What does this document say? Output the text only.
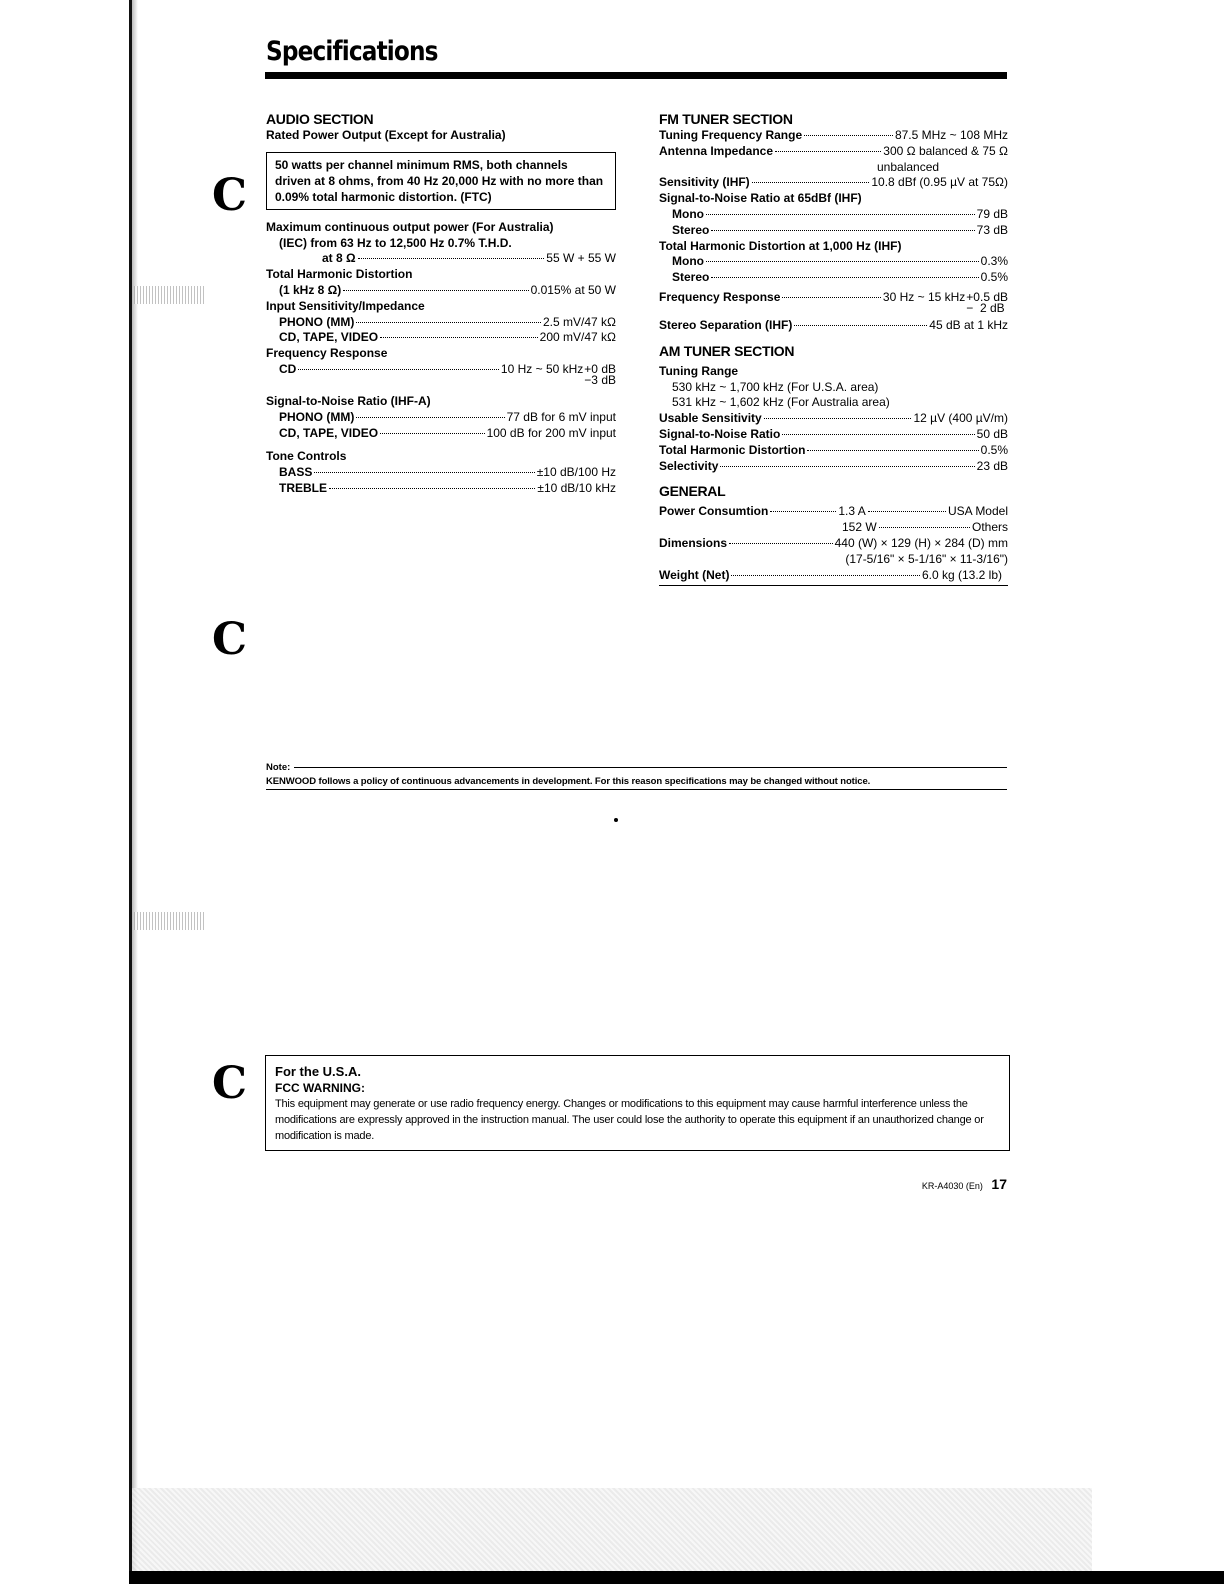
C
C
C
Specifications
AUDIO SECTION
Rated Power Output (Except for Australia)
50 watts per channel minimum RMS, both channels driven at 8 ohms, from 40 Hz 20,000 Hz with no more than 0.09% total harmonic distortion. (FTC)
Maximum continuous output power (For Australia)
(IEC) from 63 Hz to 12,500 Hz 0.7% T.H.D.
at 8 Ω	55 W + 55 W
Total Harmonic Distortion
(1 kHz 8 Ω)	0.015% at 50 W
Input Sensitivity/Impedance
PHONO (MM)	2.5 mV/47 kΩ
CD, TAPE, VIDEO	200 mV/47 kΩ
Frequency Response
CD	10 Hz ~ 50 kHz +0 dB
−3 dB
Signal-to-Noise Ratio (IHF-A)
PHONO (MM)	77 dB for 6 mV input
CD, TAPE, VIDEO	100 dB for 200 mV input
Tone Controls
BASS	±10 dB/100 Hz
TREBLE	±10 dB/10 kHz
FM TUNER SECTION
Tuning Frequency Range	87.5 MHz ~ 108 MHz
Antenna Impedance	300 Ω balanced & 75 Ω
unbalanced
Sensitivity (IHF)	10.8 dBf (0.95 µV at 75Ω)
Signal-to-Noise Ratio at 65dBf (IHF)
Mono	79 dB
Stereo	73 dB
Total Harmonic Distortion at 1,000 Hz (IHF)
Mono	0.3%
Stereo	0.5%
Frequency Response	30 Hz ~ 15 kHz +0.5 dB
−  2 dB
Stereo Separation (IHF)	45 dB at 1 kHz
AM TUNER SECTION
Tuning Range
530 kHz ~ 1,700 kHz (For U.S.A. area)
531 kHz ~ 1,602 kHz (For Australia area)
Usable Sensitivity	12 µV (400 µV/m)
Signal-to-Noise Ratio	50 dB
Total Harmonic Distortion	0.5%
Selectivity	23 dB
GENERAL
Power Consumtion	1.3 A	USA Model
152 W	Others
Dimensions	440 (W) × 129 (H) × 284 (D) mm
(17-5/16" × 5-1/16" × 11-3/16")
Weight (Net)	6.0 kg (13.2 lb)
Note:
KENWOOD follows a policy of continuous advancements in development. For this reason specifications may be changed without notice.
For the U.S.A.
FCC WARNING:
This equipment may generate or use radio frequency energy. Changes or modifications to this equipment may cause harmful interference unless the modifications are expressly approved in the instruction manual. The user could lose the authority to operate this equipment if an unauthorized change or modification is made.
KR-A4030 (En) 17
